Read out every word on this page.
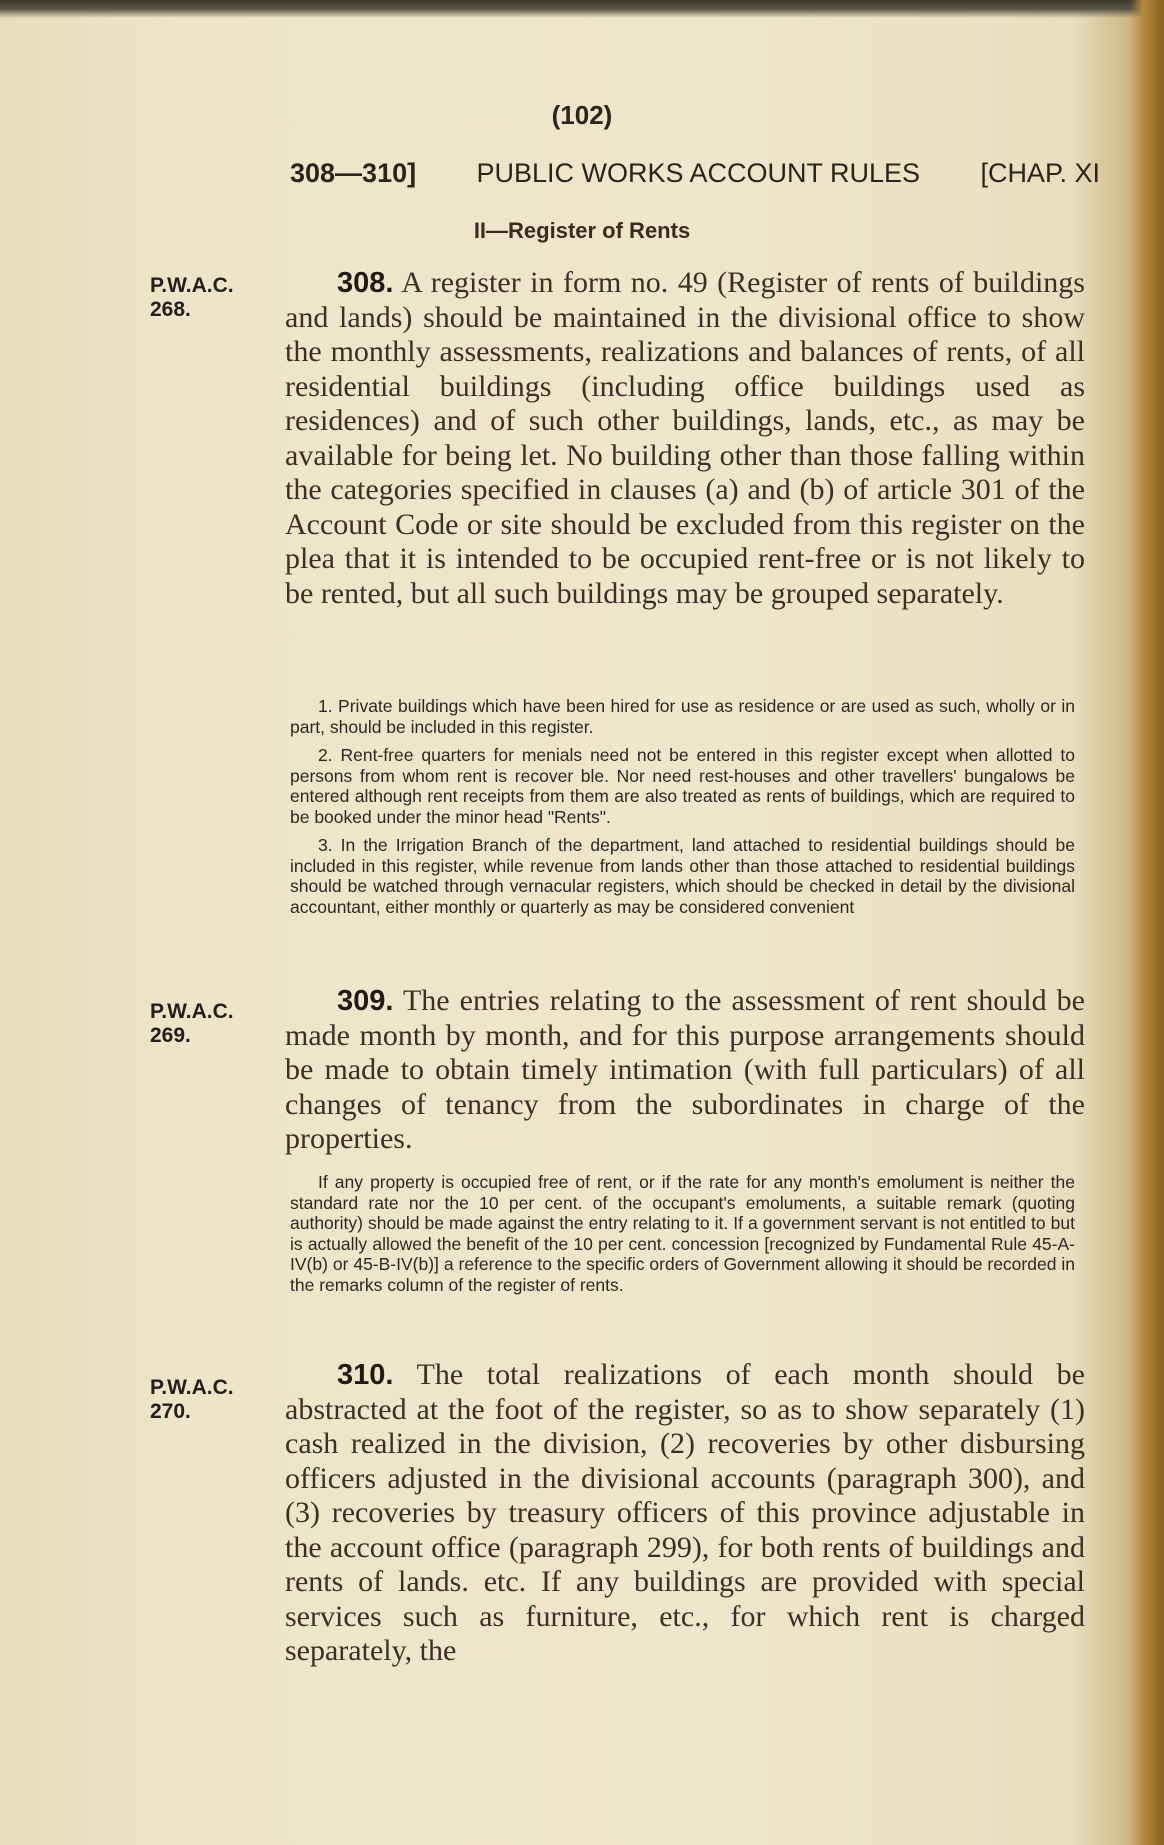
(102)
308—310] PUBLIC WORKS ACCOUNT RULES [CHAP. XI
II—Register of Rents
P.W.A.C. 268.
P.W.A.C. 269.
P.W.A.C. 270.
308. A register in form no. 49 (Register of rents of buildings and lands) should be maintained in the divisional office to show the monthly assessments, realizations and balances of rents, of all residential buildings (including office buildings used as residences) and of such other buildings, lands, etc., as may be available for being let. No building other than those falling within the categories specified in clauses (a) and (b) of article 301 of the Account Code or site should be excluded from this register on the plea that it is intended to be occupied rent-free or is not likely to be rented, but all such buildings may be grouped separately.

1. Private buildings which have been hired for use as residence or are used as such, wholly or in part, should be included in this register.

2. Rent-free quarters for menials need not be entered in this register except when allotted to persons from whom rent is recover ble. Nor need rest-houses and other travellers' bungalows be entered although rent receipts from them are also treated as rents of buildings, which are required to be booked under the minor head "Rents".

3. In the Irrigation Branch of the department, land attached to residential buildings should be included in this register, while revenue from lands other than those attached to residential buildings should be watched through vernacular registers, which should be checked in detail by the divisional accountant, either monthly or quarterly as may be considered convenient

309. The entries relating to the assessment of rent should be made month by month, and for this purpose arrangements should be made to obtain timely intimation (with full particulars) of all changes of tenancy from the subordinates in charge of the properties.

If any property is occupied free of rent, or if the rate for any month's emolument is neither the standard rate nor the 10 per cent. of the occupant's emoluments, a suitable remark (quoting authority) should be made against the entry relating to it. If a government servant is not entitled to but is actually allowed the benefit of the 10 per cent. concession [recognized by Fundamental Rule 45-A-IV(b) or 45-B-IV(b)] a reference to the specific orders of Government allowing it should be recorded in the remarks column of the register of rents.

310. The total realizations of each month should be abstracted at the foot of the register, so as to show separately (1) cash realized in the division, (2) recoveries by other disbursing officers adjusted in the divisional accounts (paragraph 300), and (3) recoveries by treasury officers of this province adjustable in the account office (paragraph 299), for both rents of buildings and rents of lands. etc. If any buildings are provided with special services such as furniture, etc., for which rent is charged separately, the
